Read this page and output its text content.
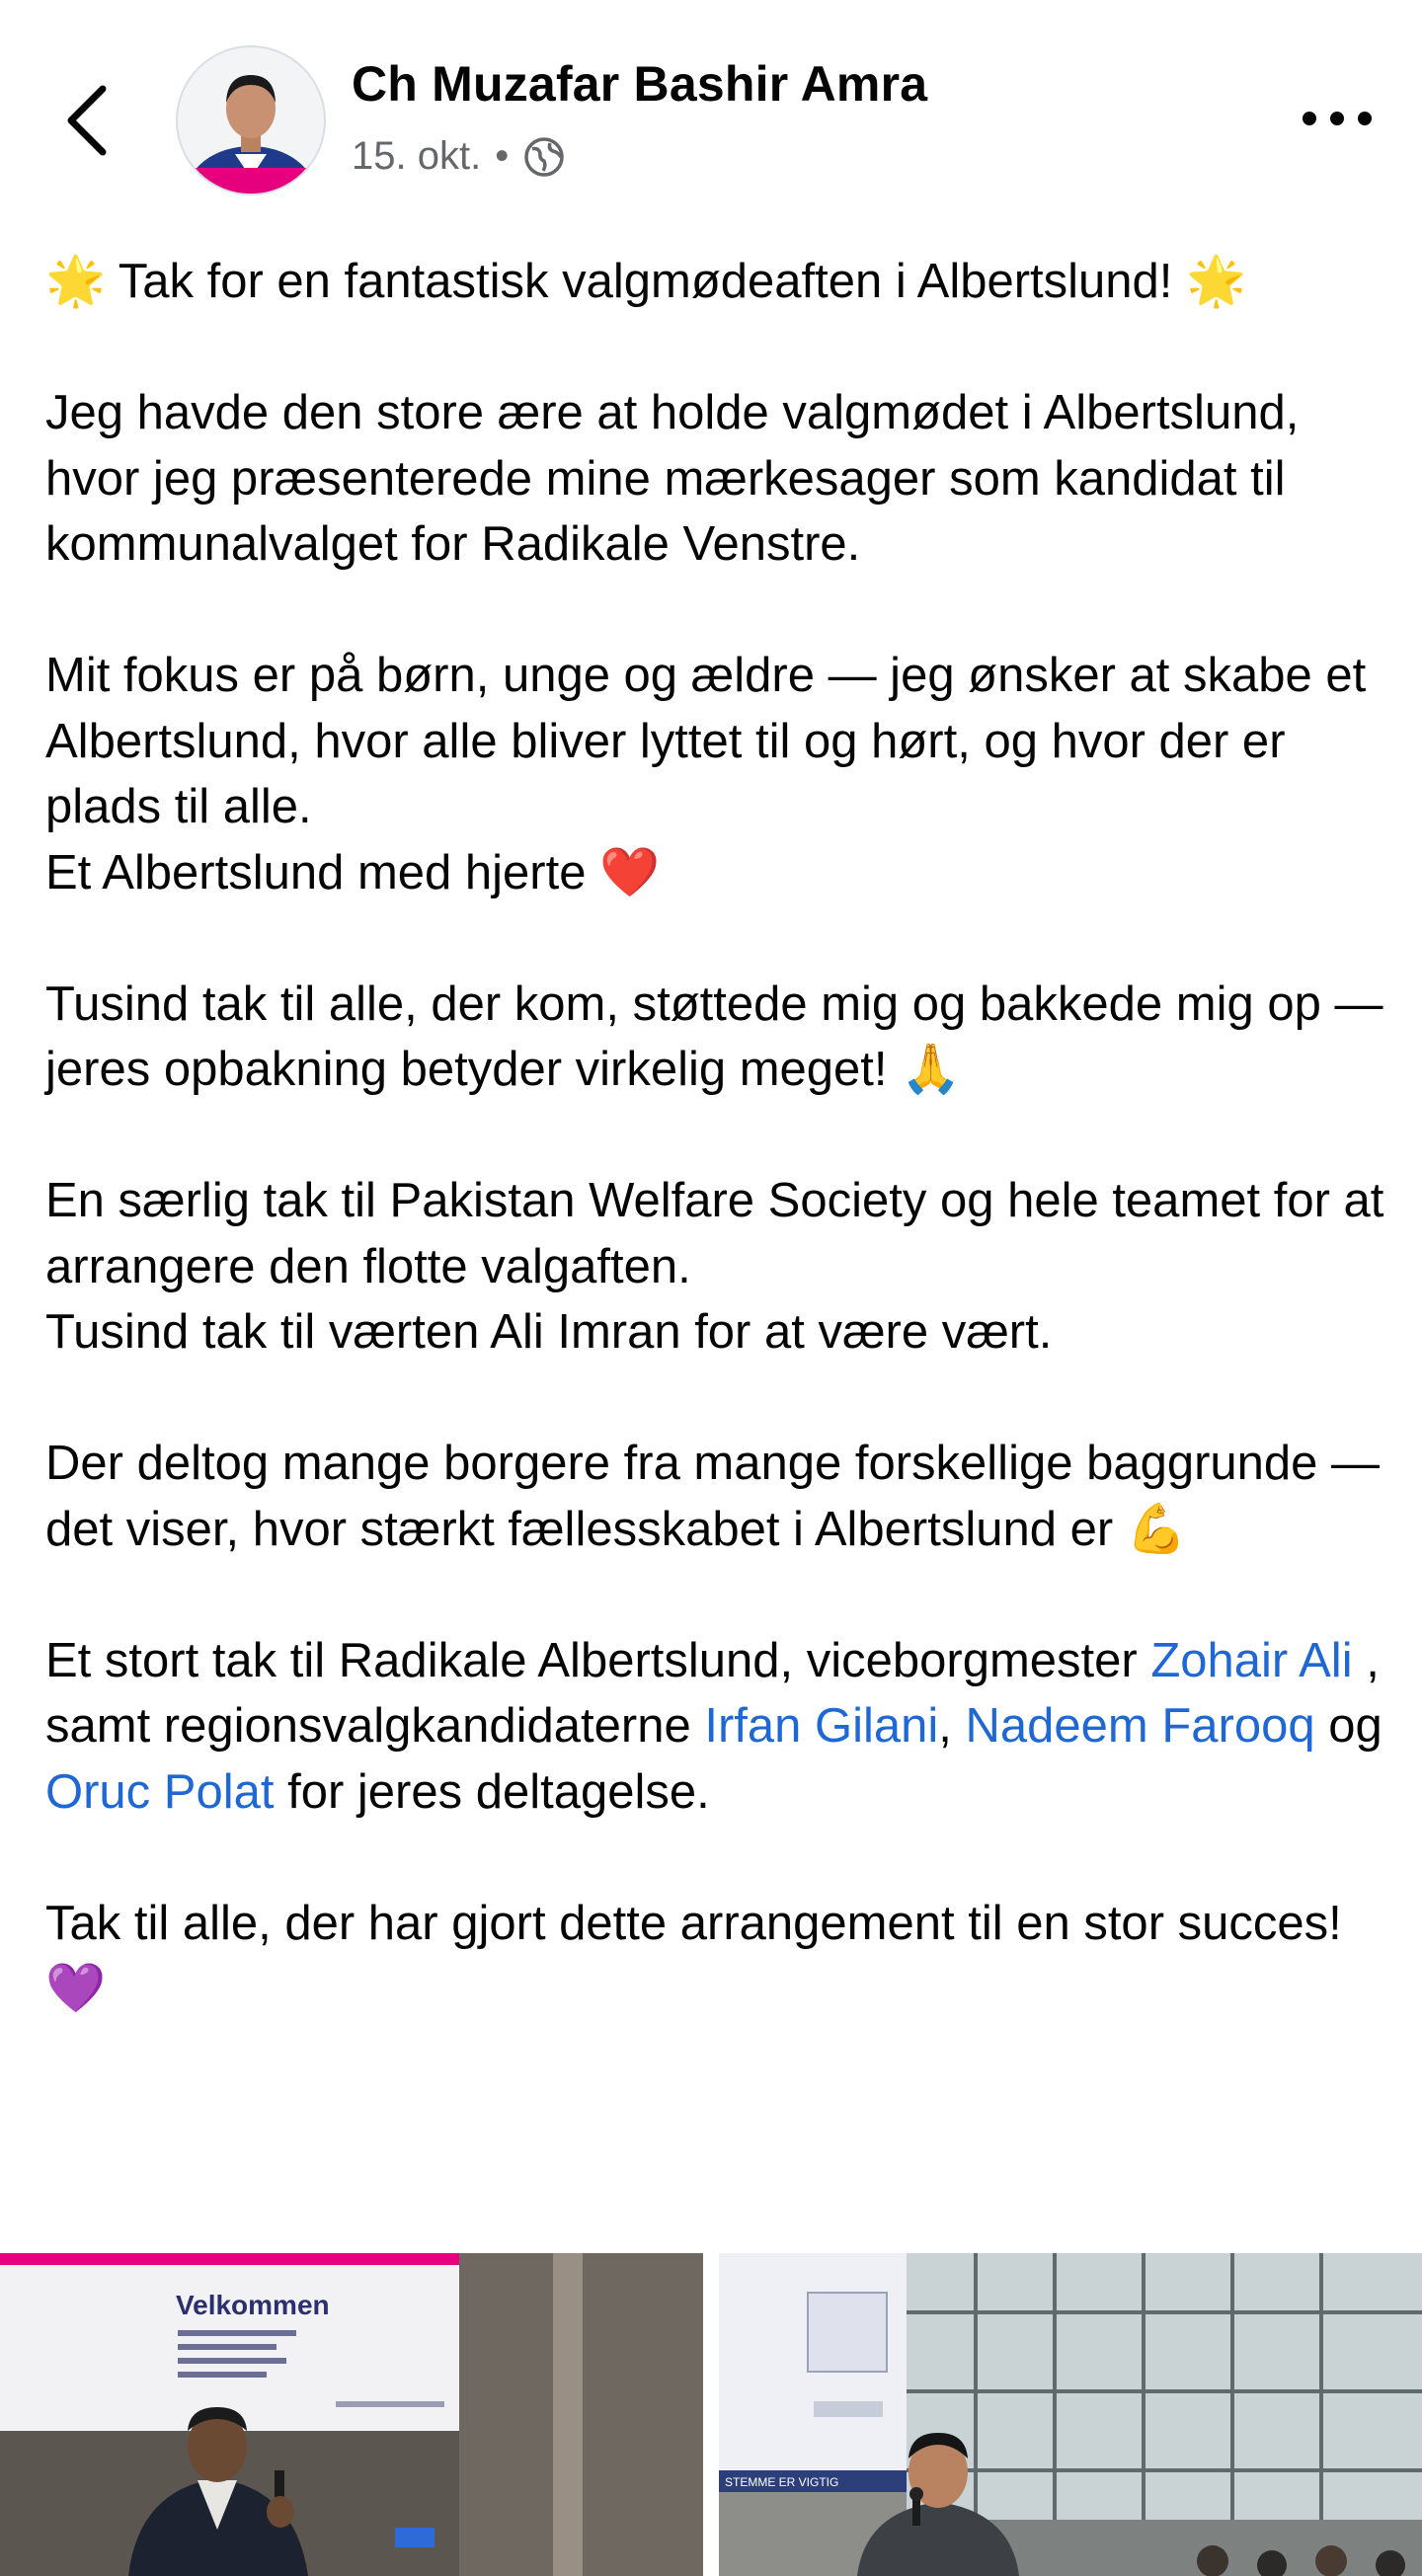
Ch Muzafar Bashir Amra
15. okt. •

🌟 Tak for en fantastisk valgmødeaften i Albertslund! 🌟

Jeg havde den store ære at holde valgmødet i Albertslund, hvor jeg præsenterede mine mærkesager som kandidat til kommunalvalget for Radikale Venstre.

Mit fokus er på børn, unge og ældre — jeg ønsker at skabe et Albertslund, hvor alle bliver lyttet til og hørt, og hvor der er plads til alle.
Et Albertslund med hjerte ❤️

Tusind tak til alle, der kom, støttede mig og bakkede mig op — jeres opbakning betyder virkelig meget! 🙏

En særlig tak til Pakistan Welfare Society og hele teamet for at arrangere den flotte valgaften.
Tusind tak til værten Ali Imran for at være vært.

Der deltog mange borgere fra mange forskellige baggrunde — det viser, hvor stærkt fællesskabet i Albertslund er 💪

Et stort tak til Radikale Albertslund, viceborgmester Zohair Ali , samt regionsvalgkandidaterne Irfan Gilani, Nadeem Farooq og Oruc Polat for jeres deltagelse.

Tak til alle, der har gjort dette arrangement til en stor succes! 💜

Velkommen
STEMME ER VIGTIG
